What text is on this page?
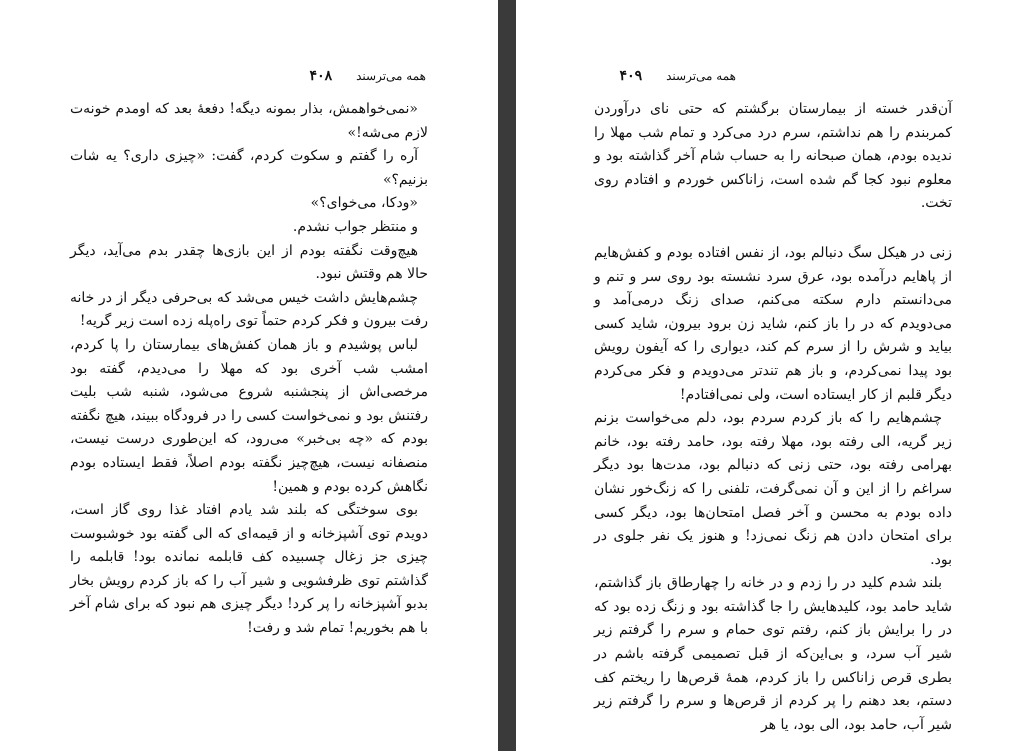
همه می‌ترسند
۴۰۸

«نمی‌خواهمش، بذار بمونه دیگه! دفعهٔ بعد که اومدم خونه‌ت لازم می‌شه!»

آره را گفتم و سکوت کردم، گفت: «چیزی داری؟ یه شات بزنیم؟»

«ودکا، می‌خوای؟»

و منتظر جواب نشدم.

هیچ‌وقت نگفته بودم از این بازی‌ها چقدر بدم می‌آید، دیگر حالا هم وقتش نبود.

چشم‌هایش داشت خیس می‌شد که بی‌حرفی دیگر از در خانه رفت بیرون و فکر کردم حتماً توی راه‌پله زده است زیر گریه!

لباس پوشیدم و باز همان کفش‌های بیمارستان را پا کردم، امشب شب آخری بود که مهلا را می‌دیدم، گفته بود مرخصی‌اش از پنجشنبه شروع می‌شود، شنبه شب بلیت رفتنش بود و نمی‌خواست کسی را در فرودگاه ببیند، هیچ نگفته بودم که «چه بی‌خبر» می‌رود، که این‌طوری درست نیست، منصفانه نیست، هیچ‌چیز نگفته بودم اصلاً، فقط ایستاده بودم نگاهش کرده بودم و همین!

بوی سوختگی که بلند شد یادم افتاد غذا روی گاز است، دویدم توی آشپزخانه و از قیمه‌ای که الی گفته بود خوشبوست چیزی جز زغال چسبیده کف قابلمه نمانده بود! قابلمه را گذاشتم توی ظرفشویی و شیر آب را که باز کردم رویش بخار بدبو آشپزخانه را پر کرد! دیگر چیزی هم نبود که برای شام آخر با هم بخوریم! تمام شد و رفت!

همه می‌ترسند
۴۰۹

آن‌قدر خسته از بیمارستان برگشتم که حتی نای درآوردن کمربندم را هم نداشتم، سرم درد می‌کرد و تمام شب مهلا را ندیده بودم، همان صبحانه را به حساب شام آخر گذاشته بود و معلوم نبود کجا گم شده است، زاناکس خوردم و افتادم روی تخت.

زنی در هیکل سگ دنبالم بود، از نفس افتاده بودم و کفش‌هایم از پاهایم درآمده بود، عرق سرد نشسته بود روی سر و تنم و می‌دانستم دارم سکته می‌کنم، صدای زنگ درمی‌آمد و می‌دویدم که در را باز کنم، شاید زن برود بیرون، شاید کسی بیاید و شرش را از سرم کم کند، دیواری را که آیفون رویش بود پیدا نمی‌کردم، و باز هم تندتر می‌دویدم و فکر می‌کردم دیگر قلبم از کار ایستاده است، ولی نمی‌افتادم!

چشم‌هایم را که باز کردم سردم بود، دلم می‌خواست بزنم زیر گریه، الی رفته بود، مهلا رفته بود، حامد رفته بود، خانم بهرامی رفته بود، حتی زنی که دنبالم بود، مدت‌ها بود دیگر سراغم را از این و آن نمی‌گرفت، تلفنی را که زنگ‌خور نشان داده بودم به محسن و آخر فصل امتحان‌ها بود، دیگر کسی برای امتحان دادن هم زنگ نمی‌زد! و هنوز یک نفر جلوی در بود.

بلند شدم کلید در را زدم و در خانه را چهارطاق باز گذاشتم، شاید حامد بود، کلیدهایش را جا گذاشته بود و زنگ زده بود که در را برایش باز کنم، رفتم توی حمام و سرم را گرفتم زیر شیر آب سرد، و بی‌این‌که از قبل تصمیمی گرفته باشم در بطری قرص زاناکس را باز کردم، همهٔ قرص‌ها را ریختم کف دستم، بعد دهنم را پر کردم از قرص‌ها و سرم را گرفتم زیر شیر آب، حامد بود، الی بود، یا هر
